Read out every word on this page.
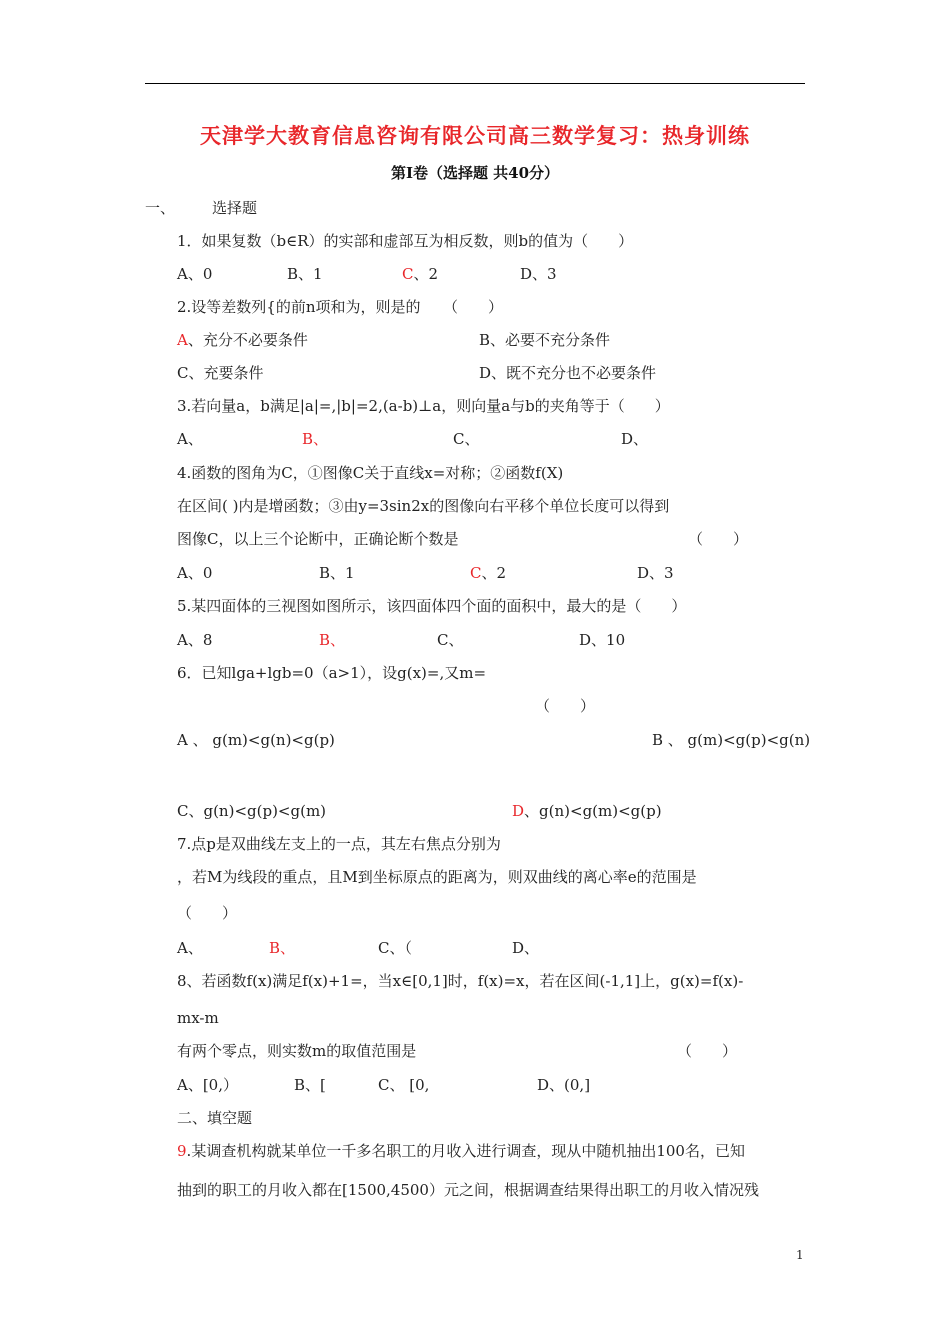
天津学大教育信息咨询有限公司高三数学复习：热身训练
第Ⅰ卷（选择题 共40分）
一、 选择题
1．如果复数（b∈R）的实部和虚部互为相反数，则b的值为（　　）
A、0	B、1	C、2	D、3
2.设等差数列{的前n项和为，则是的　　（　　）
A、充分不必要条件	B、必要不充分条件
C、充要条件	D、既不充分也不必要条件
3.若向量a，b满足|a|=,|b|=2,(a-b)⊥a，则向量a与b的夹角等于（　　）
A、	B、	C、	D、
4.函数的图角为C，①图像C关于直线x=对称；②函数f(X)
在区间( )内是增函数；③由y=3sin2x的图像向右平移个单位长度可以得到
图像C，以上三个论断中，正确论断个数是	（　　）
A、0	B、1	C、2	D、3
5.某四面体的三视图如图所示，该四面体四个面的面积中，最大的是（　　）
A、8	B、	C、	D、10
6．已知lga+lgb=0（a>1），设g(x)=,又m=
（　　）
A 、 g(m)<g(n)<g(p)	B 、 g(m)<g(p)<g(n)
C、g(n)<g(p)<g(m)	D、g(n)<g(m)<g(p)
7.点p是双曲线左支上的一点，其左右焦点分别为
，若M为线段的重点，且M到坐标原点的距离为，则双曲线的离心率e的范围是
（　　）
A、	B、	C、（	D、
8、若函数f(x)满足f(x)+1=，当x∈[0,1]时，f(x)=x，若在区间(-1,1]上，g(x)=f(x)-
mx-m
有两个零点，则实数m的取值范围是	（　　）
A、[0,）	B、[	C、 [0,	D、(0,]
二、填空题
9.某调查机构就某单位一千多名职工的月收入进行调查，现从中随机抽出100名，已知
抽到的职工的月收入都在[1500,4500）元之间，根据调查结果得出职工的月收入情况残
1
